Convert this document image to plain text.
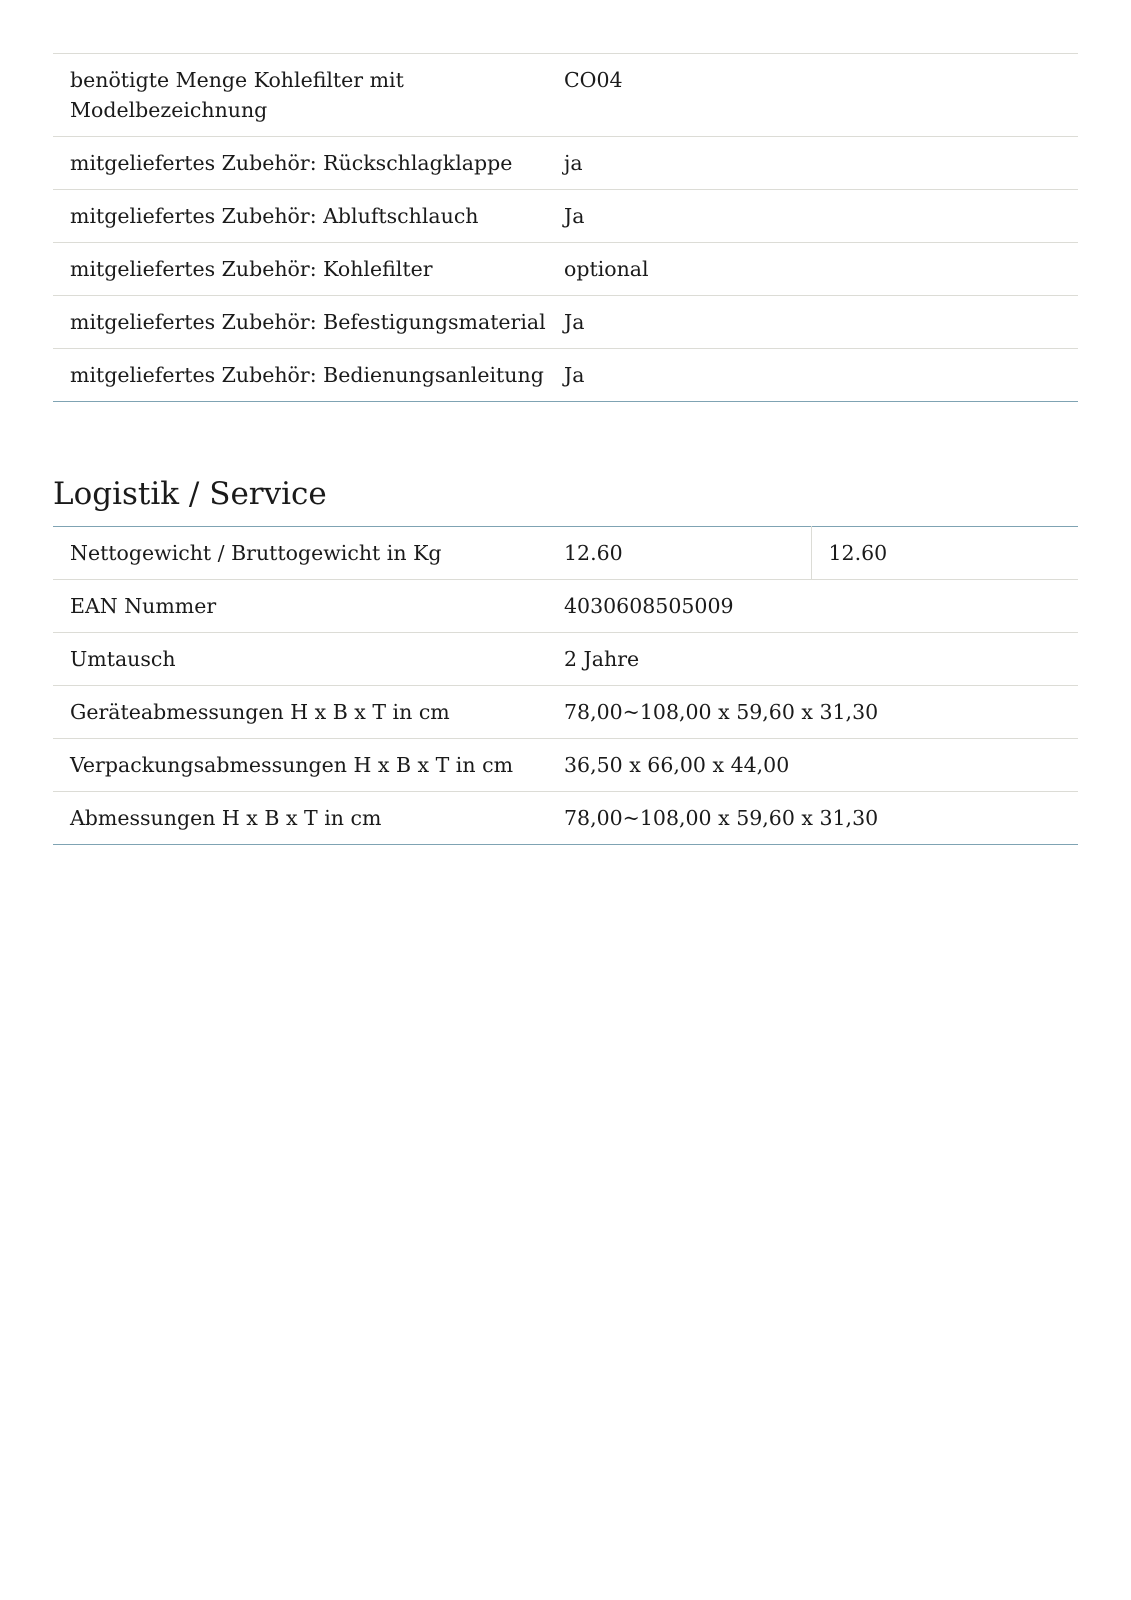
benötigte Menge Kohlefilter mit Modelbezeichnung	CO04
mitgeliefertes Zubehör: Rückschlagklappe	ja
mitgeliefertes Zubehör: Abluftschlauch	Ja
mitgeliefertes Zubehör: Kohlefilter	optional
mitgeliefertes Zubehör: Befestigungsmaterial	Ja
mitgeliefertes Zubehör: Bedienungsanleitung	Ja
Logistik / Service
Nettogewicht / Bruttogewicht in Kg	12.60	12.60
EAN Nummer	4030608505009	
Umtausch	2 Jahre	
Geräteabmessungen H x B x T in cm	78,00~108,00 x 59,60 x 31,30	
Verpackungsabmessungen H x B x T in cm	36,50 x 66,00 x 44,00	
Abmessungen H x B x T in cm	78,00~108,00 x 59,60 x 31,30	
